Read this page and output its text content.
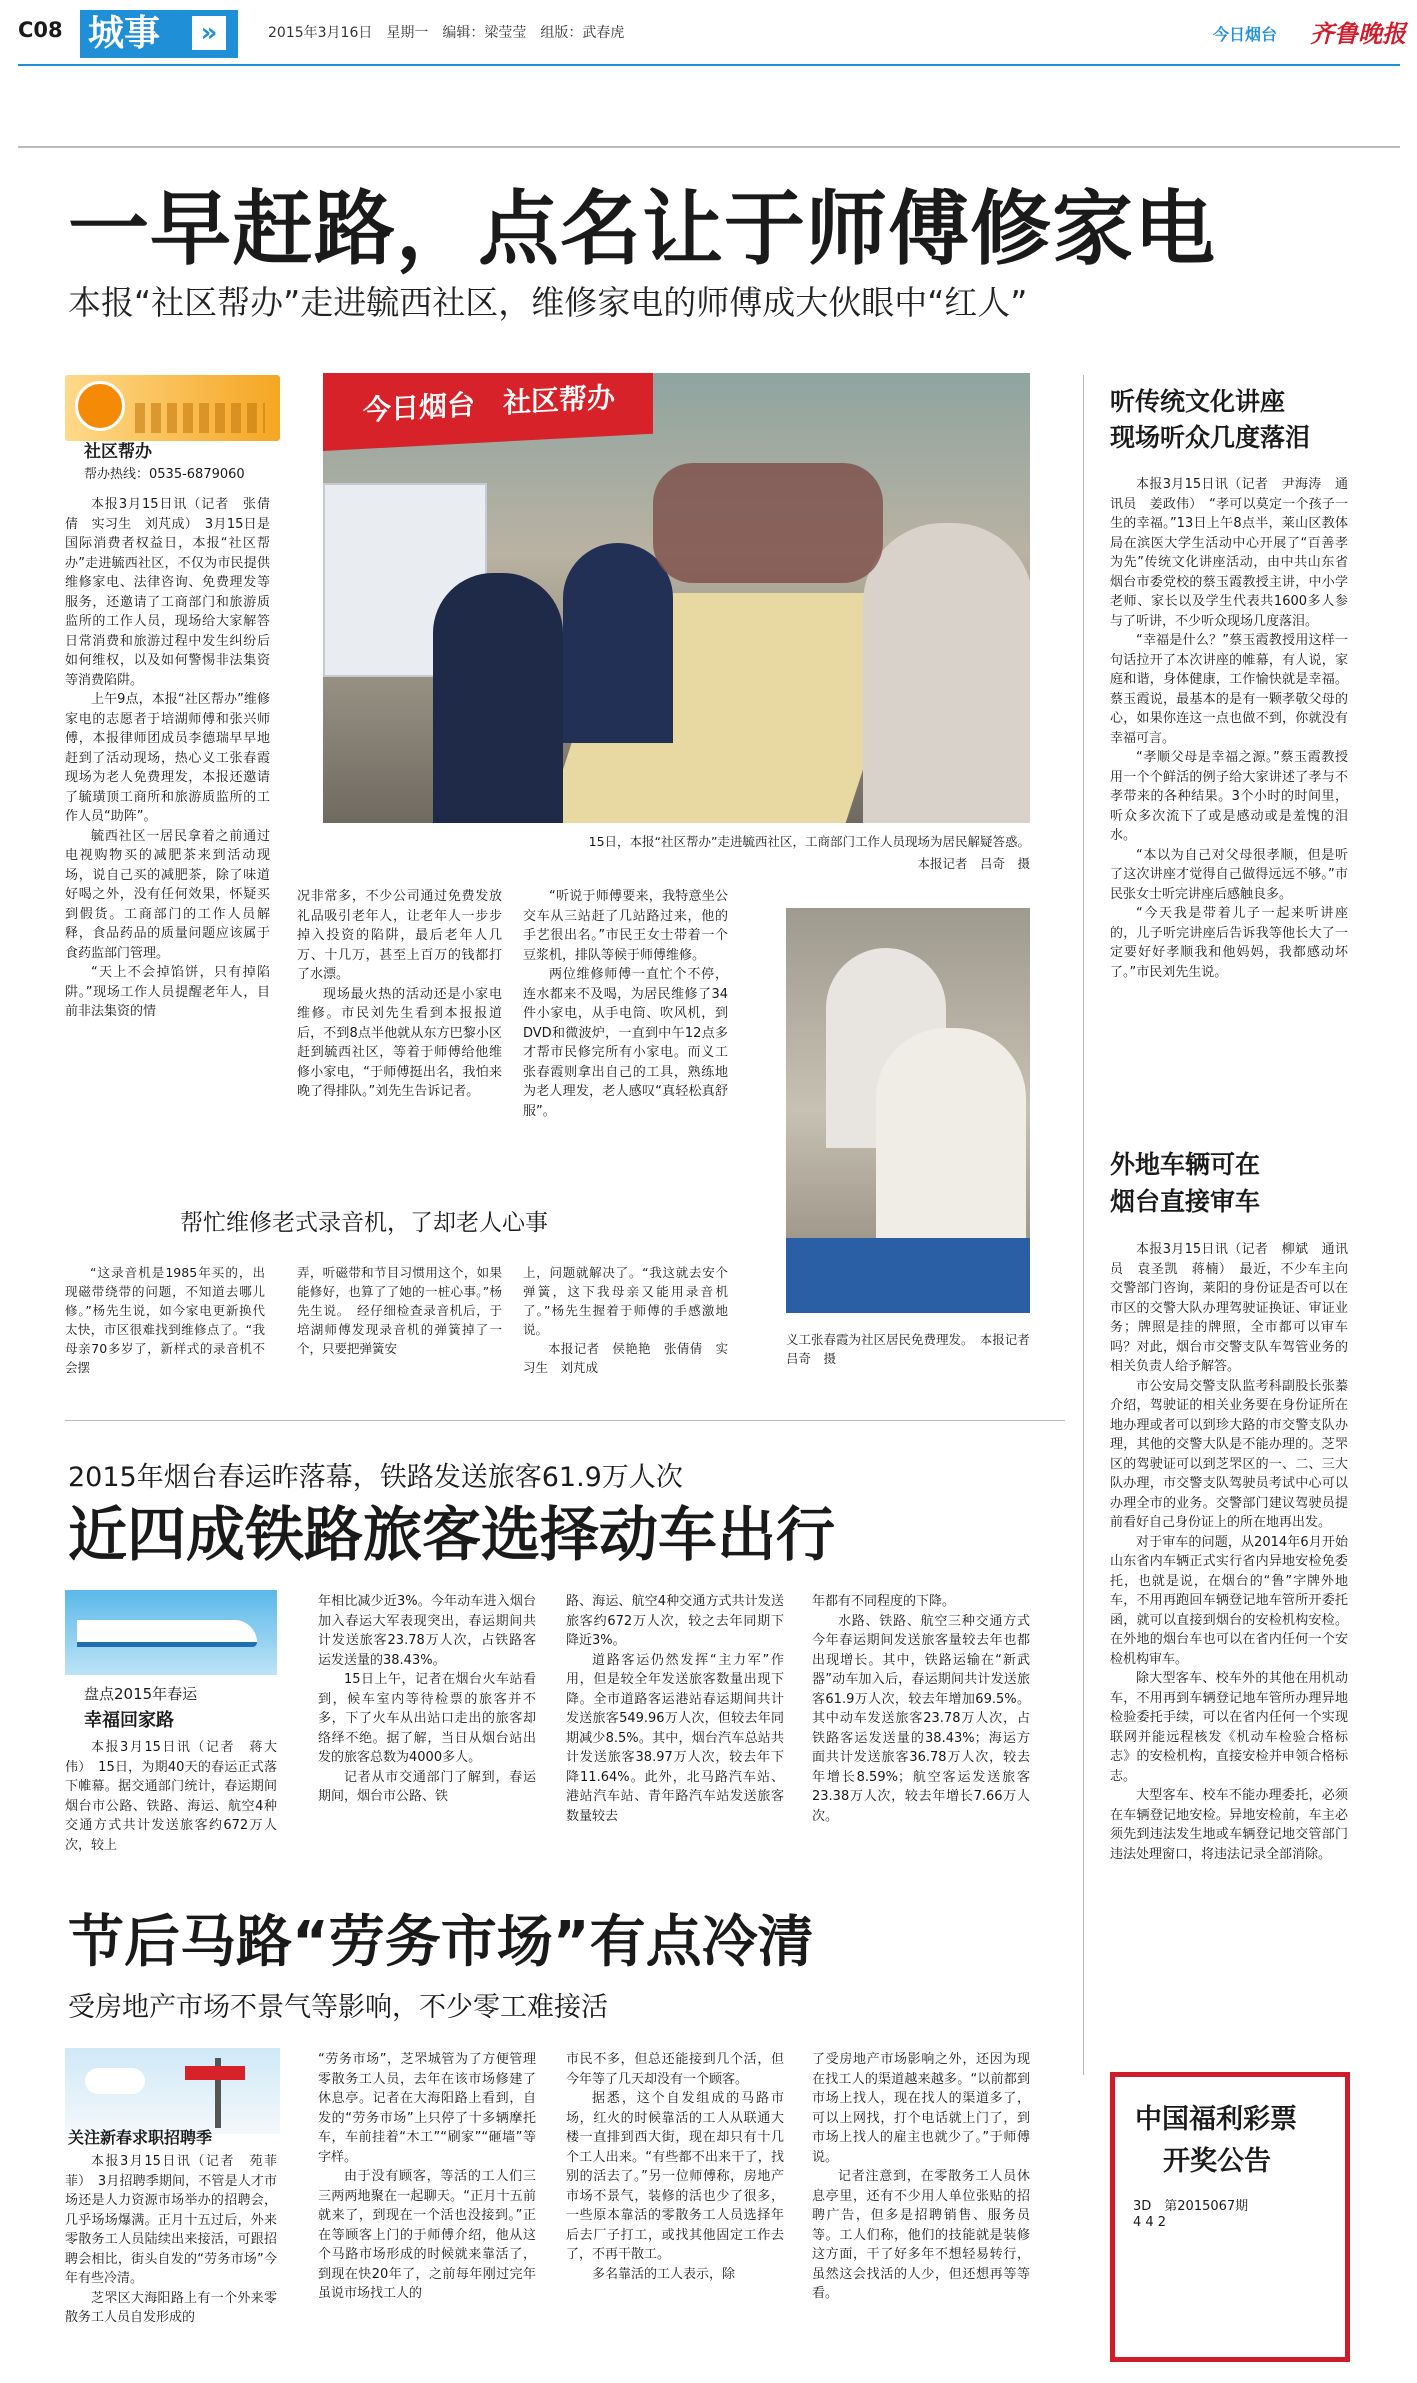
C08 城事	»	2015年3月16日　星期一　编辑：梁莹莹　组版：武春虎	今日烟台 齐鲁晚报
一早赶路，点名让于师傅修家电
本报“社区帮办”走进毓西社区，维修家电的师傅成大伙眼中“红人”
社区帮办
帮办热线：0535-6879060

本报3月15日讯（记者　张倩倩　实习生　刘芃成）　3月15日是国际消费者权益日，本报“社区帮办”走进毓西社区，不仅为市民提供维修家电、法律咨询、免费理发等服务，还邀请了工商部门和旅游质监所的工作人员，现场给大家解答日常消费和旅游过程中发生纠纷后如何维权，以及如何警惕非法集资等消费陷阱。

上午9点，本报“社区帮办”维修家电的志愿者于培湖师傅和张兴师傅，本报律师团成员李德瑞早早地赶到了活动现场，热心义工张春霞现场为老人免费理发，本报还邀请了毓璜顶工商所和旅游质监所的工作人员“助阵”。

毓西社区一居民拿着之前通过电视购物买的减肥茶来到活动现场，说自己买的减肥茶，除了味道好喝之外，没有任何效果，怀疑买到假货。工商部门的工作人员解释，食品药品的质量问题应该属于食药监部门管理。

“天上不会掉馅饼，只有掉陷阱。”现场工作人员提醒老年人，目前非法集资的情

今日烟台　社区帮办
15日，本报“社区帮办”走进毓西社区，工商部门工作人员现场为居民解疑答惑。
本报记者　吕奇　摄

况非常多，不少公司通过免费发放礼品吸引老年人，让老年人一步步掉入投资的陷阱，最后老年人几万、十几万，甚至上百万的钱都打了水漂。

现场最火热的活动还是小家电维修。市民刘先生看到本报报道后，不到8点半他就从东方巴黎小区赶到毓西社区，等着于师傅给他维修小家电，“于师傅挺出名，我怕来晚了得排队。”刘先生告诉记者。

“听说于师傅要来，我特意坐公交车从三站赶了几站路过来，他的手艺很出名。”市民王女士带着一个豆浆机，排队等候于师傅维修。

两位维修师傅一直忙个不停，连水都来不及喝，为居民维修了34件小家电，从手电筒、吹风机，到DVD和微波炉，一直到中午12点多才帮市民修完所有小家电。而义工张春霞则拿出自己的工具，熟练地为老人理发，老人感叹“真轻松真舒服”。

义工张春霞为社区居民免费理发。　本报记者　吕奇　摄
帮忙维修老式录音机，了却老人心事
“这录音机是1985年买的，出现磁带绕带的问题，不知道去哪儿修。”杨先生说，如今家电更新换代太快，市区很难找到维修点了。“我母亲70多岁了，新样式的录音机不会摆
弄，听磁带和节目习惯用这个，如果能修好，也算了了她的一桩心事。”杨先生说。　经仔细检查录音机后，于培湖师傅发现录音机的弹簧掉了一个，只要把弹簧安
上，问题就解决了。“我这就去安个弹簧，这下我母亲又能用录音机了。”杨先生握着于师傅的手感激地说。
本报记者　侯艳艳　张倩倩　实习生　刘芃成
听传统文化讲座
现场听众几度落泪

本报3月15日讯（记者　尹海涛　通讯员　姜政伟）　“孝可以莫定一个孩子一生的幸福。”13日上午8点半，莱山区教体局在滨医大学生活动中心开展了“百善孝为先”传统文化讲座活动，由中共山东省烟台市委党校的蔡玉霞教授主讲，中小学老师、家长以及学生代表共1600多人参与了听讲，不少听众现场几度落泪。

“幸福是什么？”蔡玉霞教授用这样一句话拉开了本次讲座的帷幕，有人说，家庭和谐，身体健康，工作愉快就是幸福。蔡玉霞说，最基本的是有一颗孝敬父母的心，如果你连这一点也做不到，你就没有幸福可言。

“孝顺父母是幸福之源。”蔡玉霞教授用一个个鲜活的例子给大家讲述了孝与不孝带来的各种结果。3个小时的时间里，听众多次流下了或是感动或是羞愧的泪水。

“本以为自己对父母很孝顺，但是听了这次讲座才觉得自己做得远远不够。”市民张女士听完讲座后感触良多。

“今天我是带着儿子一起来听讲座的，儿子听完讲座后告诉我等他长大了一定要好好孝顺我和他妈妈，我都感动坏了。”市民刘先生说。

外地车辆可在
烟台直接审车

本报3月15日讯（记者　柳斌　通讯员　袁圣凯　蒋楠）　最近，不少车主向交警部门咨询，莱阳的身份证是否可以在市区的交警大队办理驾驶证换证、审证业务；牌照是挂的牌照，全市都可以审车吗？对此，烟台市交警支队车驾管业务的相关负责人给予解答。

市公安局交警支队监考科副股长张蓁介绍，驾驶证的相关业务要在身份证所在地办理或者可以到珍大路的市交警支队办理，其他的交警大队是不能办理的。芝罘区的驾驶证可以到芝罘区的一、二、三大队办理，市交警支队驾驶员考试中心可以办理全市的业务。交警部门建议驾驶员提前看好自己身份证上的所在地再出发。

对于审车的问题，从2014年6月开始山东省内车辆正式实行省内异地安检免委托，也就是说，在烟台的“鲁”字牌外地车，不用再跑回车辆登记地车管所开委托函，就可以直接到烟台的安检机构安检。在外地的烟台车也可以在省内任何一个安检机构审车。

除大型客车、校车外的其他在用机动车，不用再到车辆登记地车管所办理异地检验委托手续，可以在省内任何一个实现联网并能远程核发《机动车检验合格标志》的安检机构，直接安检并申领合格标志。

大型客车、校车不能办理委托，必须在车辆登记地安检。异地安检前，车主必须先到违法发生地或车辆登记地交管部门违法处理窗口，将违法记录全部消除。

2015年烟台春运昨落幕，铁路发送旅客61.9万人次
近四成铁路旅客选择动车出行
盘点2015年春运
幸福回家路

本报3月15日讯（记者　蒋大伟）　15日，为期40天的春运正式落下帷幕。据交通部门统计，春运期间烟台市公路、铁路、海运、航空4种交通方式共计发送旅客约672万人次，较上

年相比减少近3%。今年动车进入烟台加入春运大军表现突出，春运期间共计发送旅客23.78万人次，占铁路客运发送量的38.43%。

15日上午，记者在烟台火车站看到，候车室内等待检票的旅客并不多，下了火车从出站口走出的旅客却络绎不绝。据了解，当日从烟台站出发的旅客总数为4000多人。

记者从市交通部门了解到，春运期间，烟台市公路、铁

路、海运、航空4种交通方式共计发送旅客约672万人次，较之去年同期下降近3%。

道路客运仍然发挥“主力军”作用，但是较全年发送旅客数量出现下降。全市道路客运港站春运期间共计发送旅客549.96万人次，但较去年同期减少8.5%。其中，烟台汽车总站共计发送旅客38.97万人次，较去年下降11.64%。此外，北马路汽车站、港站汽车站、青年路汽车站发送旅客数量较去

年都有不同程度的下降。

水路、铁路、航空三种交通方式今年春运期间发送旅客量较去年也都出现增长。其中，铁路运输在“新武器”动车加入后，春运期间共计发送旅客61.9万人次，较去年增加69.5%。其中动车发送旅客23.78万人次，占铁路客运发送量的38.43%；海运方面共计发送旅客36.78万人次，较去年增长8.59%；航空客运发送旅客23.38万人次，较去年增长7.66万人次。

节后马路“劳务市场”有点冷清
受房地产市场不景气等影响，不少零工难接活
关注新春求职招聘季

本报3月15日讯（记者　苑菲菲）　3月招聘季期间，不管是人才市场还是人力资源市场举办的招聘会，几乎场场爆满。正月十五过后，外来零散务工人员陆续出来接活，可跟招聘会相比，街头自发的“劳务市场”今年有些冷清。

芝罘区大海阳路上有一个外来零散务工人员自发形成的

“劳务市场”，芝罘城管为了方便管理零散务工人员，去年在该市场修建了休息亭。记者在大海阳路上看到，自发的“劳务市场”上只停了十多辆摩托车，车前挂着“木工”“刷家”“砸墙”等字样。

由于没有顾客，等活的工人们三三两两地聚在一起聊天。“正月十五前就来了，到现在一个活也没接到。”正在等顾客上门的于师傅介绍，他从这个马路市场形成的时候就来靠活了，到现在快20年了，之前每年刚过完年虽说市场找工人的

市民不多，但总还能接到几个活，但今年等了几天却没有一个顾客。

据悉，这个自发组成的马路市场，红火的时候靠活的工人从联通大楼一直排到西大街，现在却只有十几个工人出来。“有些都不出来干了，找别的活去了。”另一位师傅称，房地产市场不景气，装修的活也少了很多，一些原本靠活的零散务工人员选择年后去厂子打工，或找其他固定工作去了，不再干散工。

多名靠活的工人表示，除

了受房地产市场影响之外，还因为现在找工人的渠道越来越多。“以前都到市场上找人，现在找人的渠道多了，可以上网找，打个电话就上门了，到市场上找人的雇主也就少了。”于师傅说。

记者注意到，在零散务工人员休息亭里，还有不少用人单位张贴的招聘广告，但多是招聘销售、服务员等。工人们称，他们的技能就是装修这方面，干了好多年不想轻易转行，虽然这会找活的人少，但还想再等等看。

中国福利彩票
开奖公告
3D　第2015067期
4 4 2
